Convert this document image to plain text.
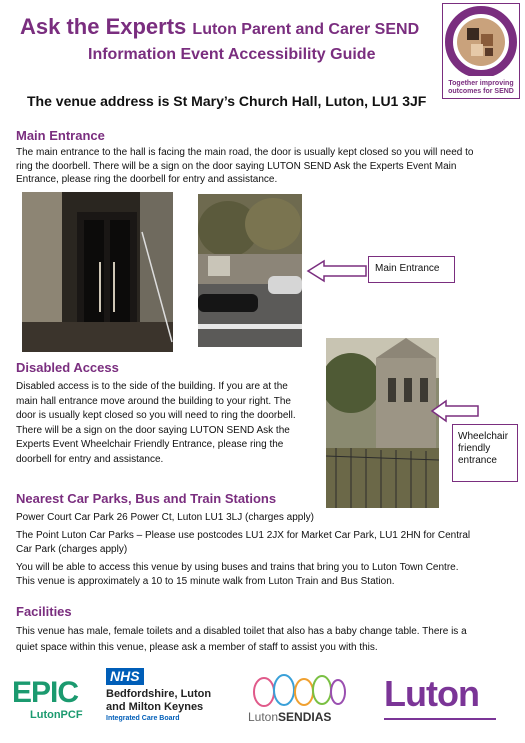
Ask the Experts Luton Parent and Carer SEND
Information Event Accessibility Guide
Together improving
outcomes for SEND
The venue address is St Mary’s Church Hall, Luton, LU1 3JF
Main Entrance
The main entrance to the hall is facing the main road, the door is usually kept closed so you will need to
ring the doorbell. There will be a sign on the door saying LUTON SEND Ask the Experts Event Main
Entrance, please ring the doorbell for entry and assistance.
Main Entrance
Disabled Access
Disabled access is to the side of the building. If you are at the
main hall entrance move around the building to your right. The
door is usually kept closed so you will need to ring the doorbell.
There will be a sign on the door saying LUTON SEND Ask the
Experts Event Wheelchair Friendly Entrance, please ring the
doorbell for entry and assistance.
Wheelchair
friendly
entrance
Nearest Car Parks, Bus and Train Stations
Power Court Car Park 26 Power Ct, Luton LU1 3LJ (charges apply)
The Point Luton Car Parks – Please use postcodes LU1 2JX for Market Car Park, LU1 2HN for Central
Car Park (charges apply)
You will be able to access this venue by using buses and trains that bring you to Luton Town Centre.
This venue is approximately a 10 to 15 minute walk from Luton Train and Bus Station.
Facilities
This venue has male, female toilets and a disabled toilet that also has a baby change table. There is a
quiet space within this venue, please ask a member of staff to assist you with this.
EPIC
LutonPCF
NHS
Bedfordshire, Luton
and Milton Keynes
Integrated Care Board	LutonSENDIAS
Luton
